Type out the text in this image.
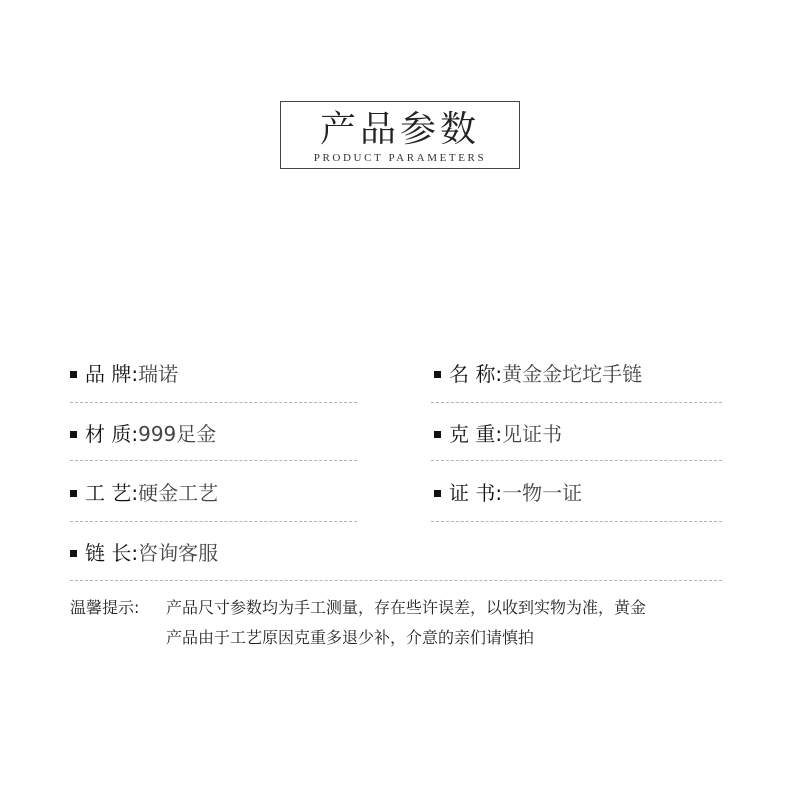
产品参数
PRODUCT PARAMETERS
品 牌 : 瑞诺	名 称 : 黄金金坨坨手链
材 质 : 999足金	克 重 : 见证书
工 艺 : 硬金工艺	证 书 : 一物一证
链 长 : 咨询客服
温馨提示: 产品尺寸参数均为手工测量，存在些许误差，以收到实物为准，黄金
产品由于工艺原因克重多退少补，介意的亲们请慎拍
